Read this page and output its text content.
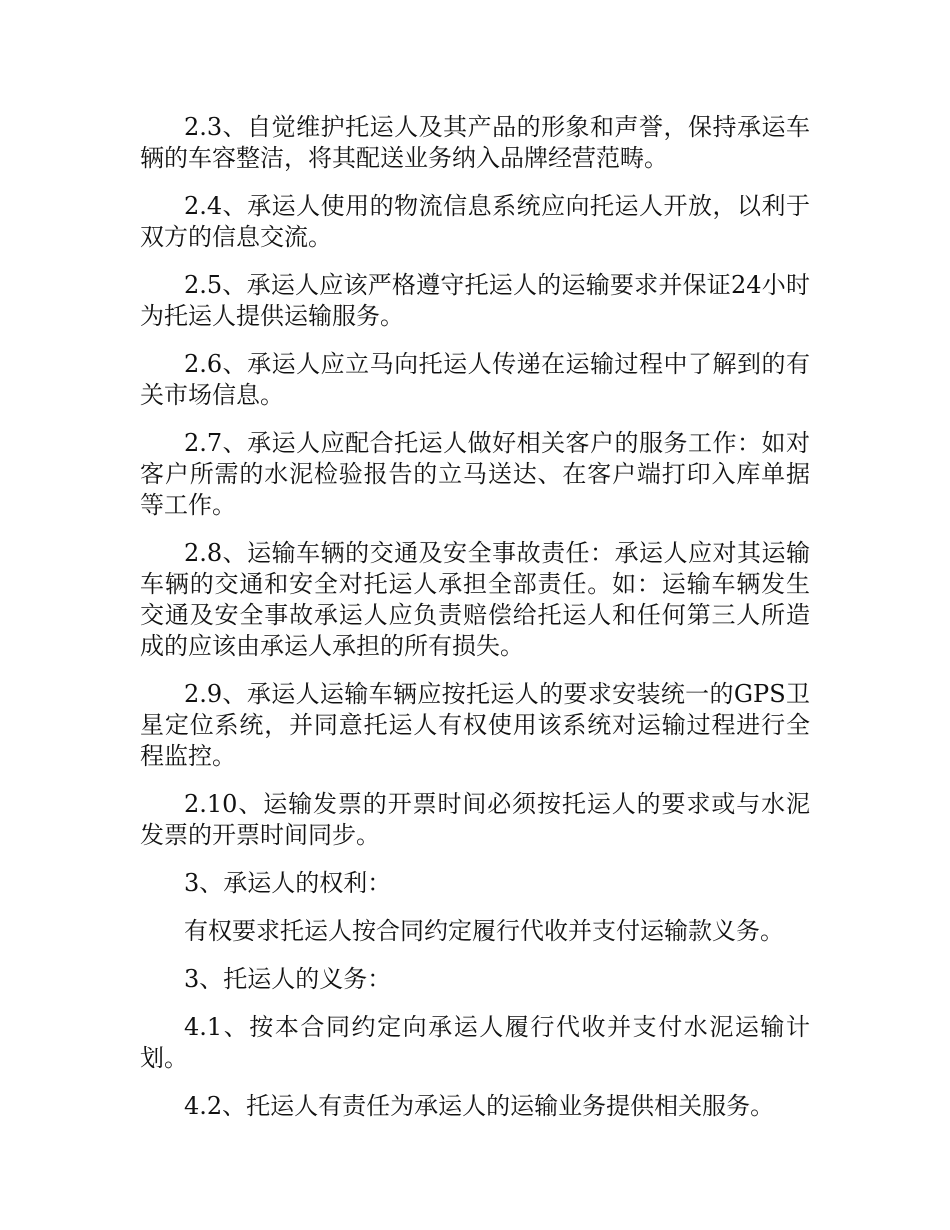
2.3、自觉维护托运人及其产品的形象和声誉，保持承运车辆的车容整洁，将其配送业务纳入品牌经营范畴。

2.4、承运人使用的物流信息系统应向托运人开放，以利于双方的信息交流。

2.5、承运人应该严格遵守托运人的运输要求并保证24小时为托运人提供运输服务。

2.6、承运人应立马向托运人传递在运输过程中了解到的有关市场信息。

2.7、承运人应配合托运人做好相关客户的服务工作：如对客户所需的水泥检验报告的立马送达、在客户端打印入库单据等工作。

2.8、运输车辆的交通及安全事故责任：承运人应对其运输车辆的交通和安全对托运人承担全部责任。如：运输车辆发生交通及安全事故承运人应负责赔偿给托运人和任何第三人所造成的应该由承运人承担的所有损失。

2.9、承运人运输车辆应按托运人的要求安装统一的GPS卫星定位系统，并同意托运人有权使用该系统对运输过程进行全程监控。

2.10、运输发票的开票时间必须按托运人的要求或与水泥发票的开票时间同步。

3、承运人的权利：

有权要求托运人按合同约定履行代收并支付运输款义务。

3、托运人的义务：

4.1、按本合同约定向承运人履行代收并支付水泥运输计划。

4.2、托运人有责任为承运人的运输业务提供相关服务。
